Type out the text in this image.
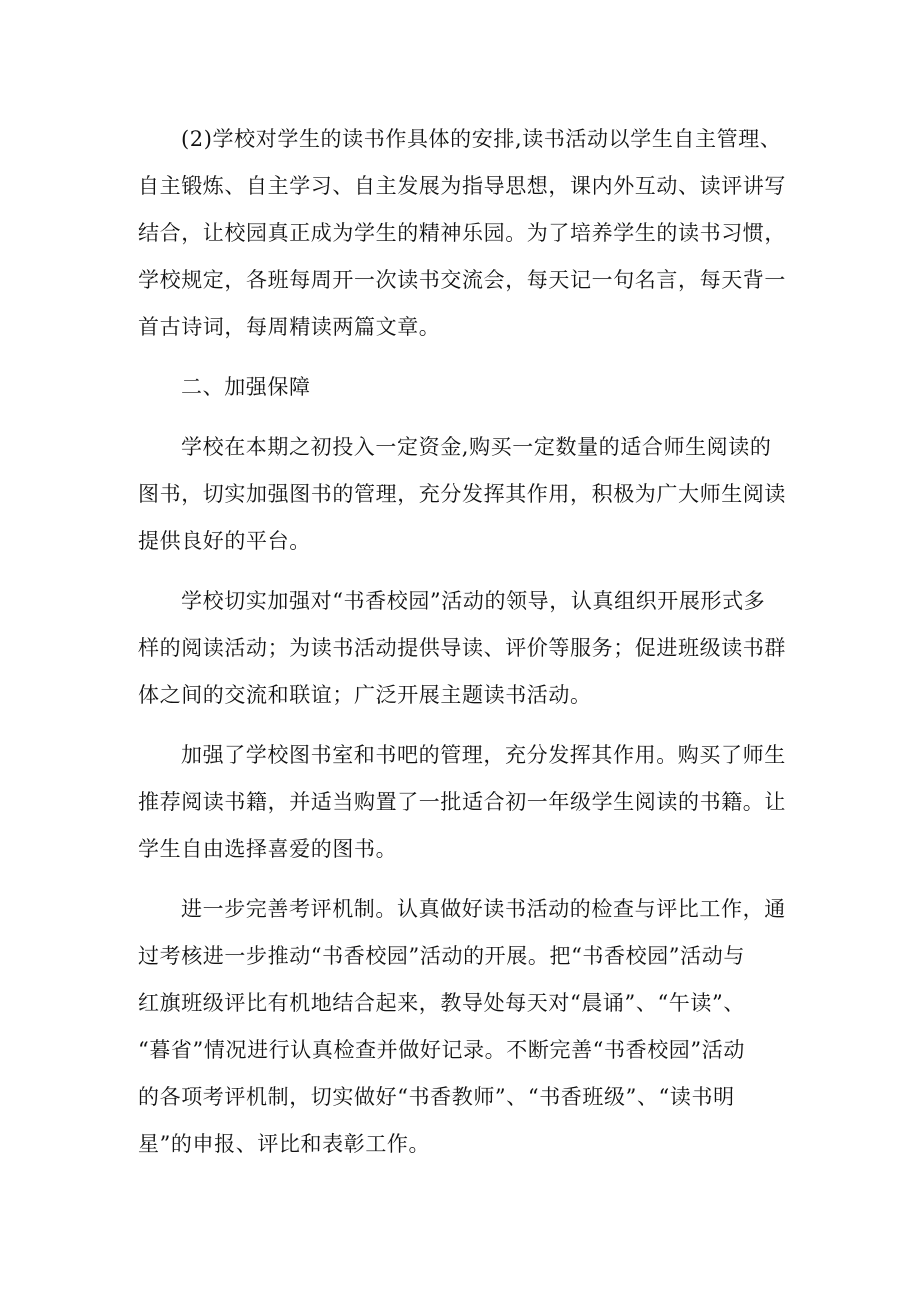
(2)学校对学生的读书作具体的安排,读书活动以学生自主管理、
自主锻炼、自主学习、自主发展为指导思想，课内外互动、读评讲写
结合，让校园真正成为学生的精神乐园。为了培养学生的读书习惯，
学校规定，各班每周开一次读书交流会，每天记一句名言，每天背一
首古诗词，每周精读两篇文章。
二、加强保障
学校在本期之初投入一定资金,购买一定数量的适合师生阅读的
图书，切实加强图书的管理，充分发挥其作用，积极为广大师生阅读
提供良好的平台。
学校切实加强对“书香校园”活动的领导，认真组织开展形式多
样的阅读活动；为读书活动提供导读、评价等服务；促进班级读书群
体之间的交流和联谊；广泛开展主题读书活动。
加强了学校图书室和书吧的管理，充分发挥其作用。购买了师生
推荐阅读书籍，并适当购置了一批适合初一年级学生阅读的书籍。让
学生自由选择喜爱的图书。
进一步完善考评机制。认真做好读书活动的检查与评比工作，通
过考核进一步推动“书香校园”活动的开展。把“书香校园”活动与
红旗班级评比有机地结合起来，教导处每天对“晨诵”、“午读”、
“暮省”情况进行认真检查并做好记录。不断完善“书香校园”活动
的各项考评机制，切实做好“书香教师”、“书香班级”、“读书明
星”的申报、评比和表彰工作。
